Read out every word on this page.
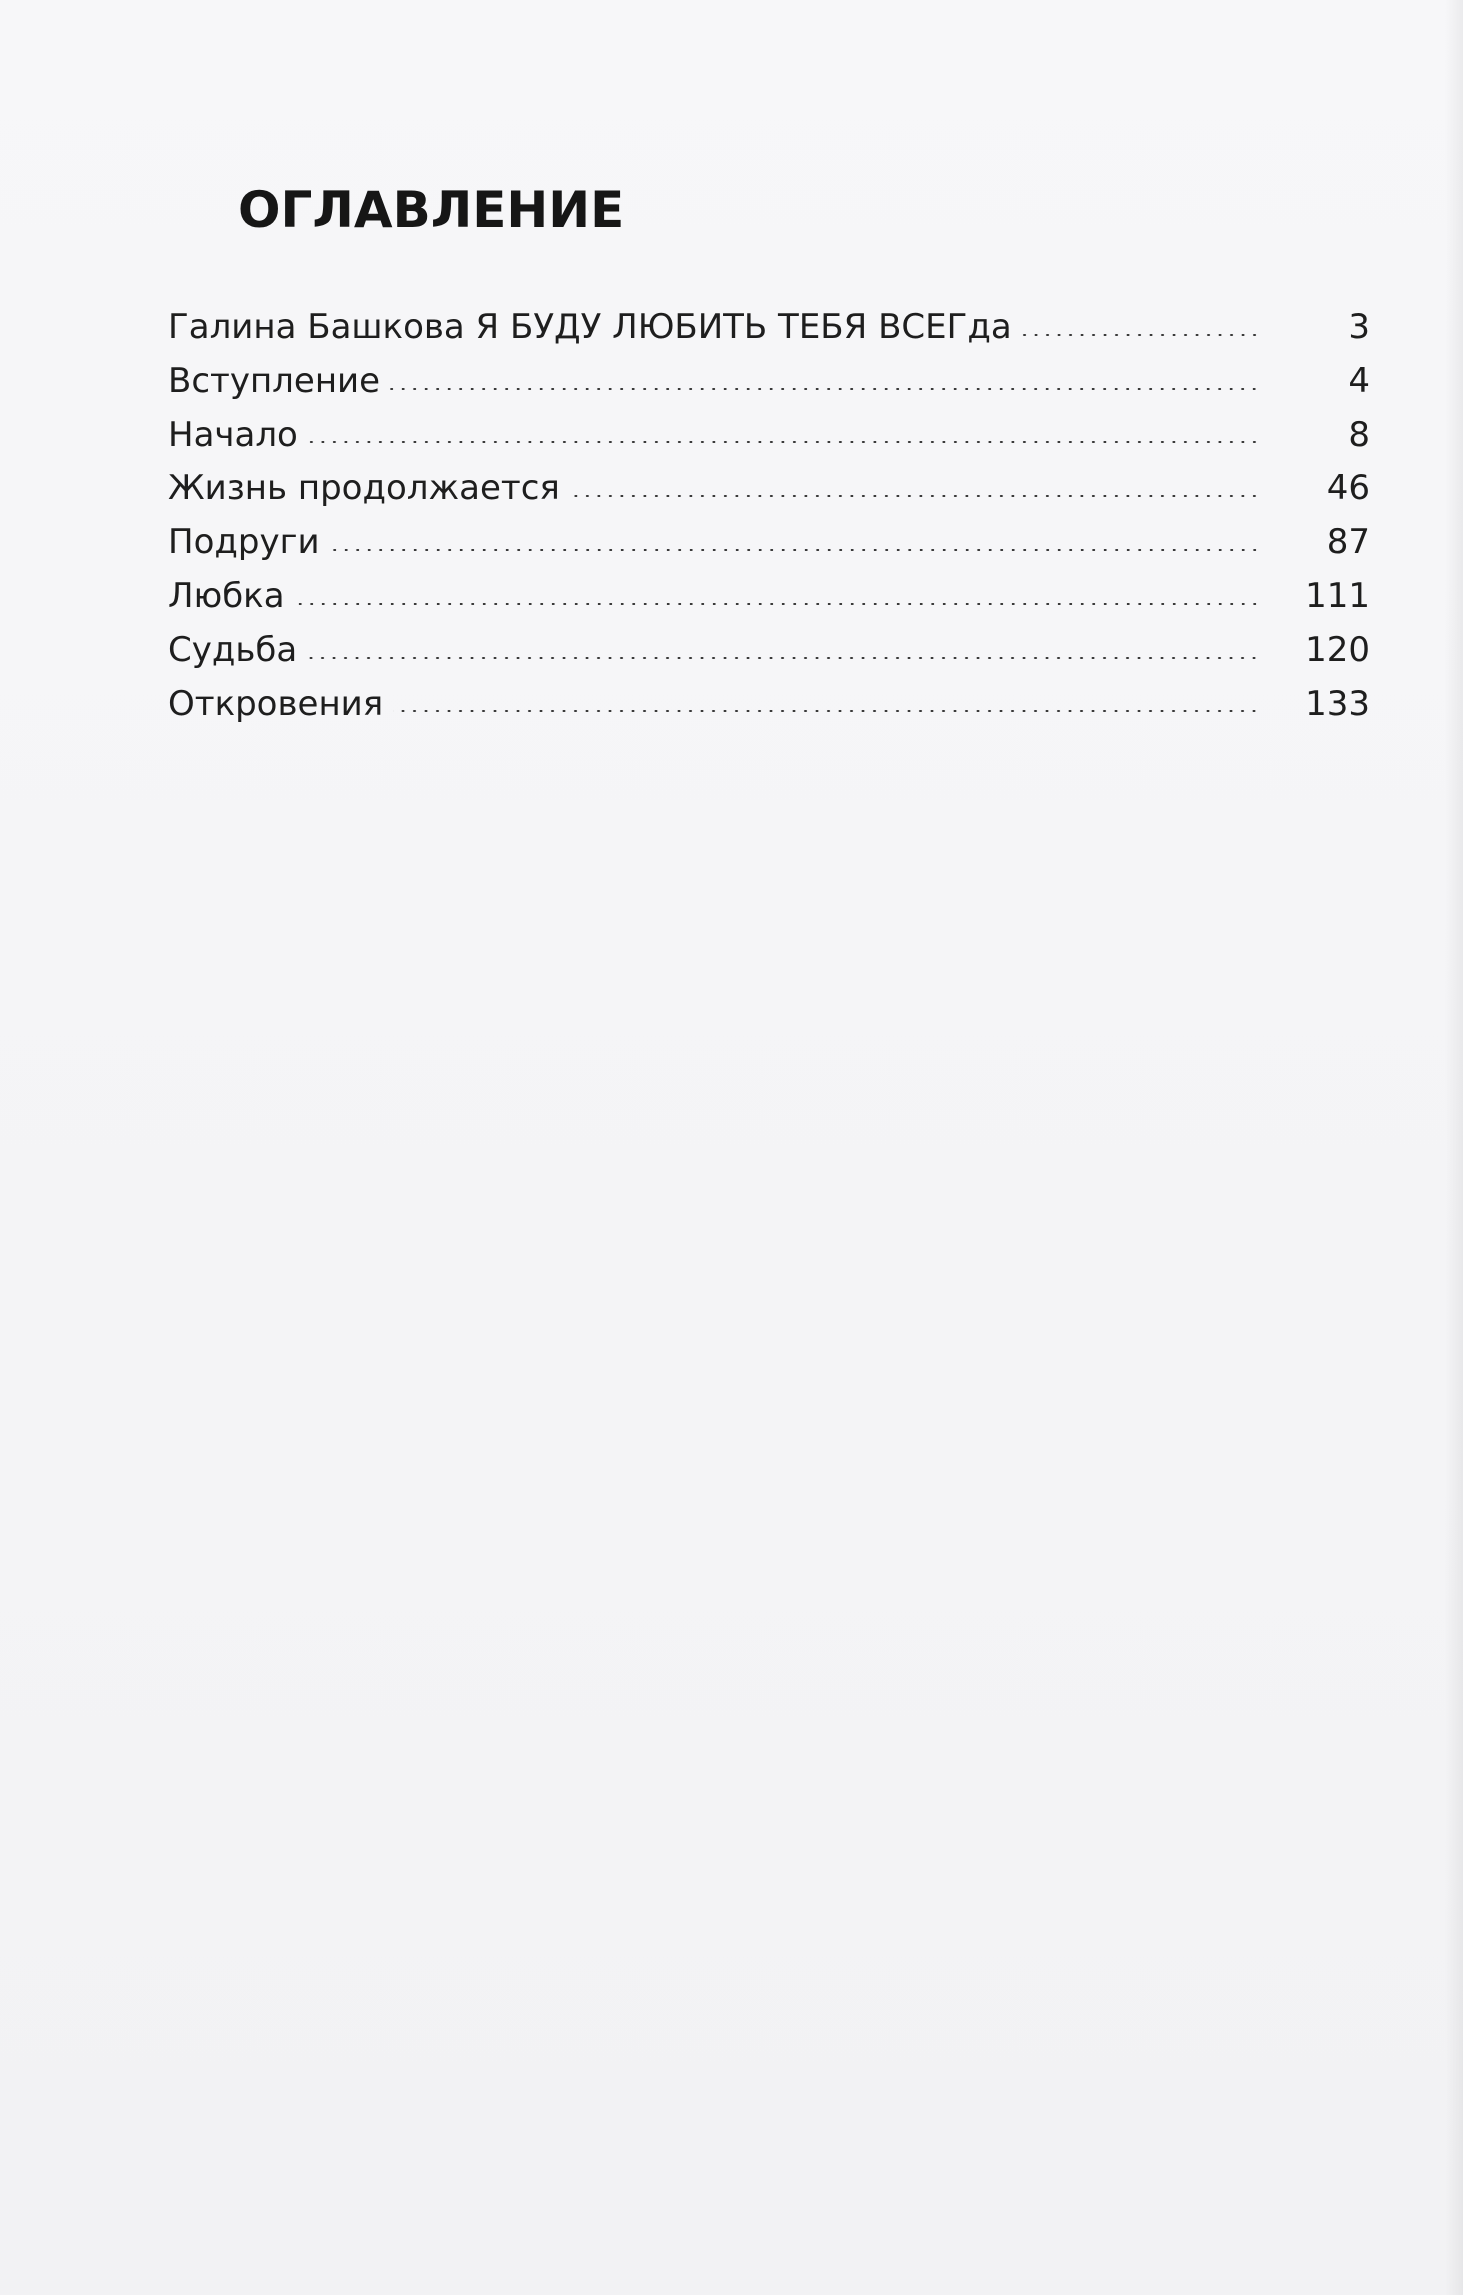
ОГЛАВЛЕНИЕ
Галина Башкова Я БУДУ ЛЮБИТЬ ТЕБЯ ВСЕГда	3
Вступление	4
Начало	8
Жизнь продолжается	46
Подруги	87
Любка	111
Судьба	120
Откровения	133
